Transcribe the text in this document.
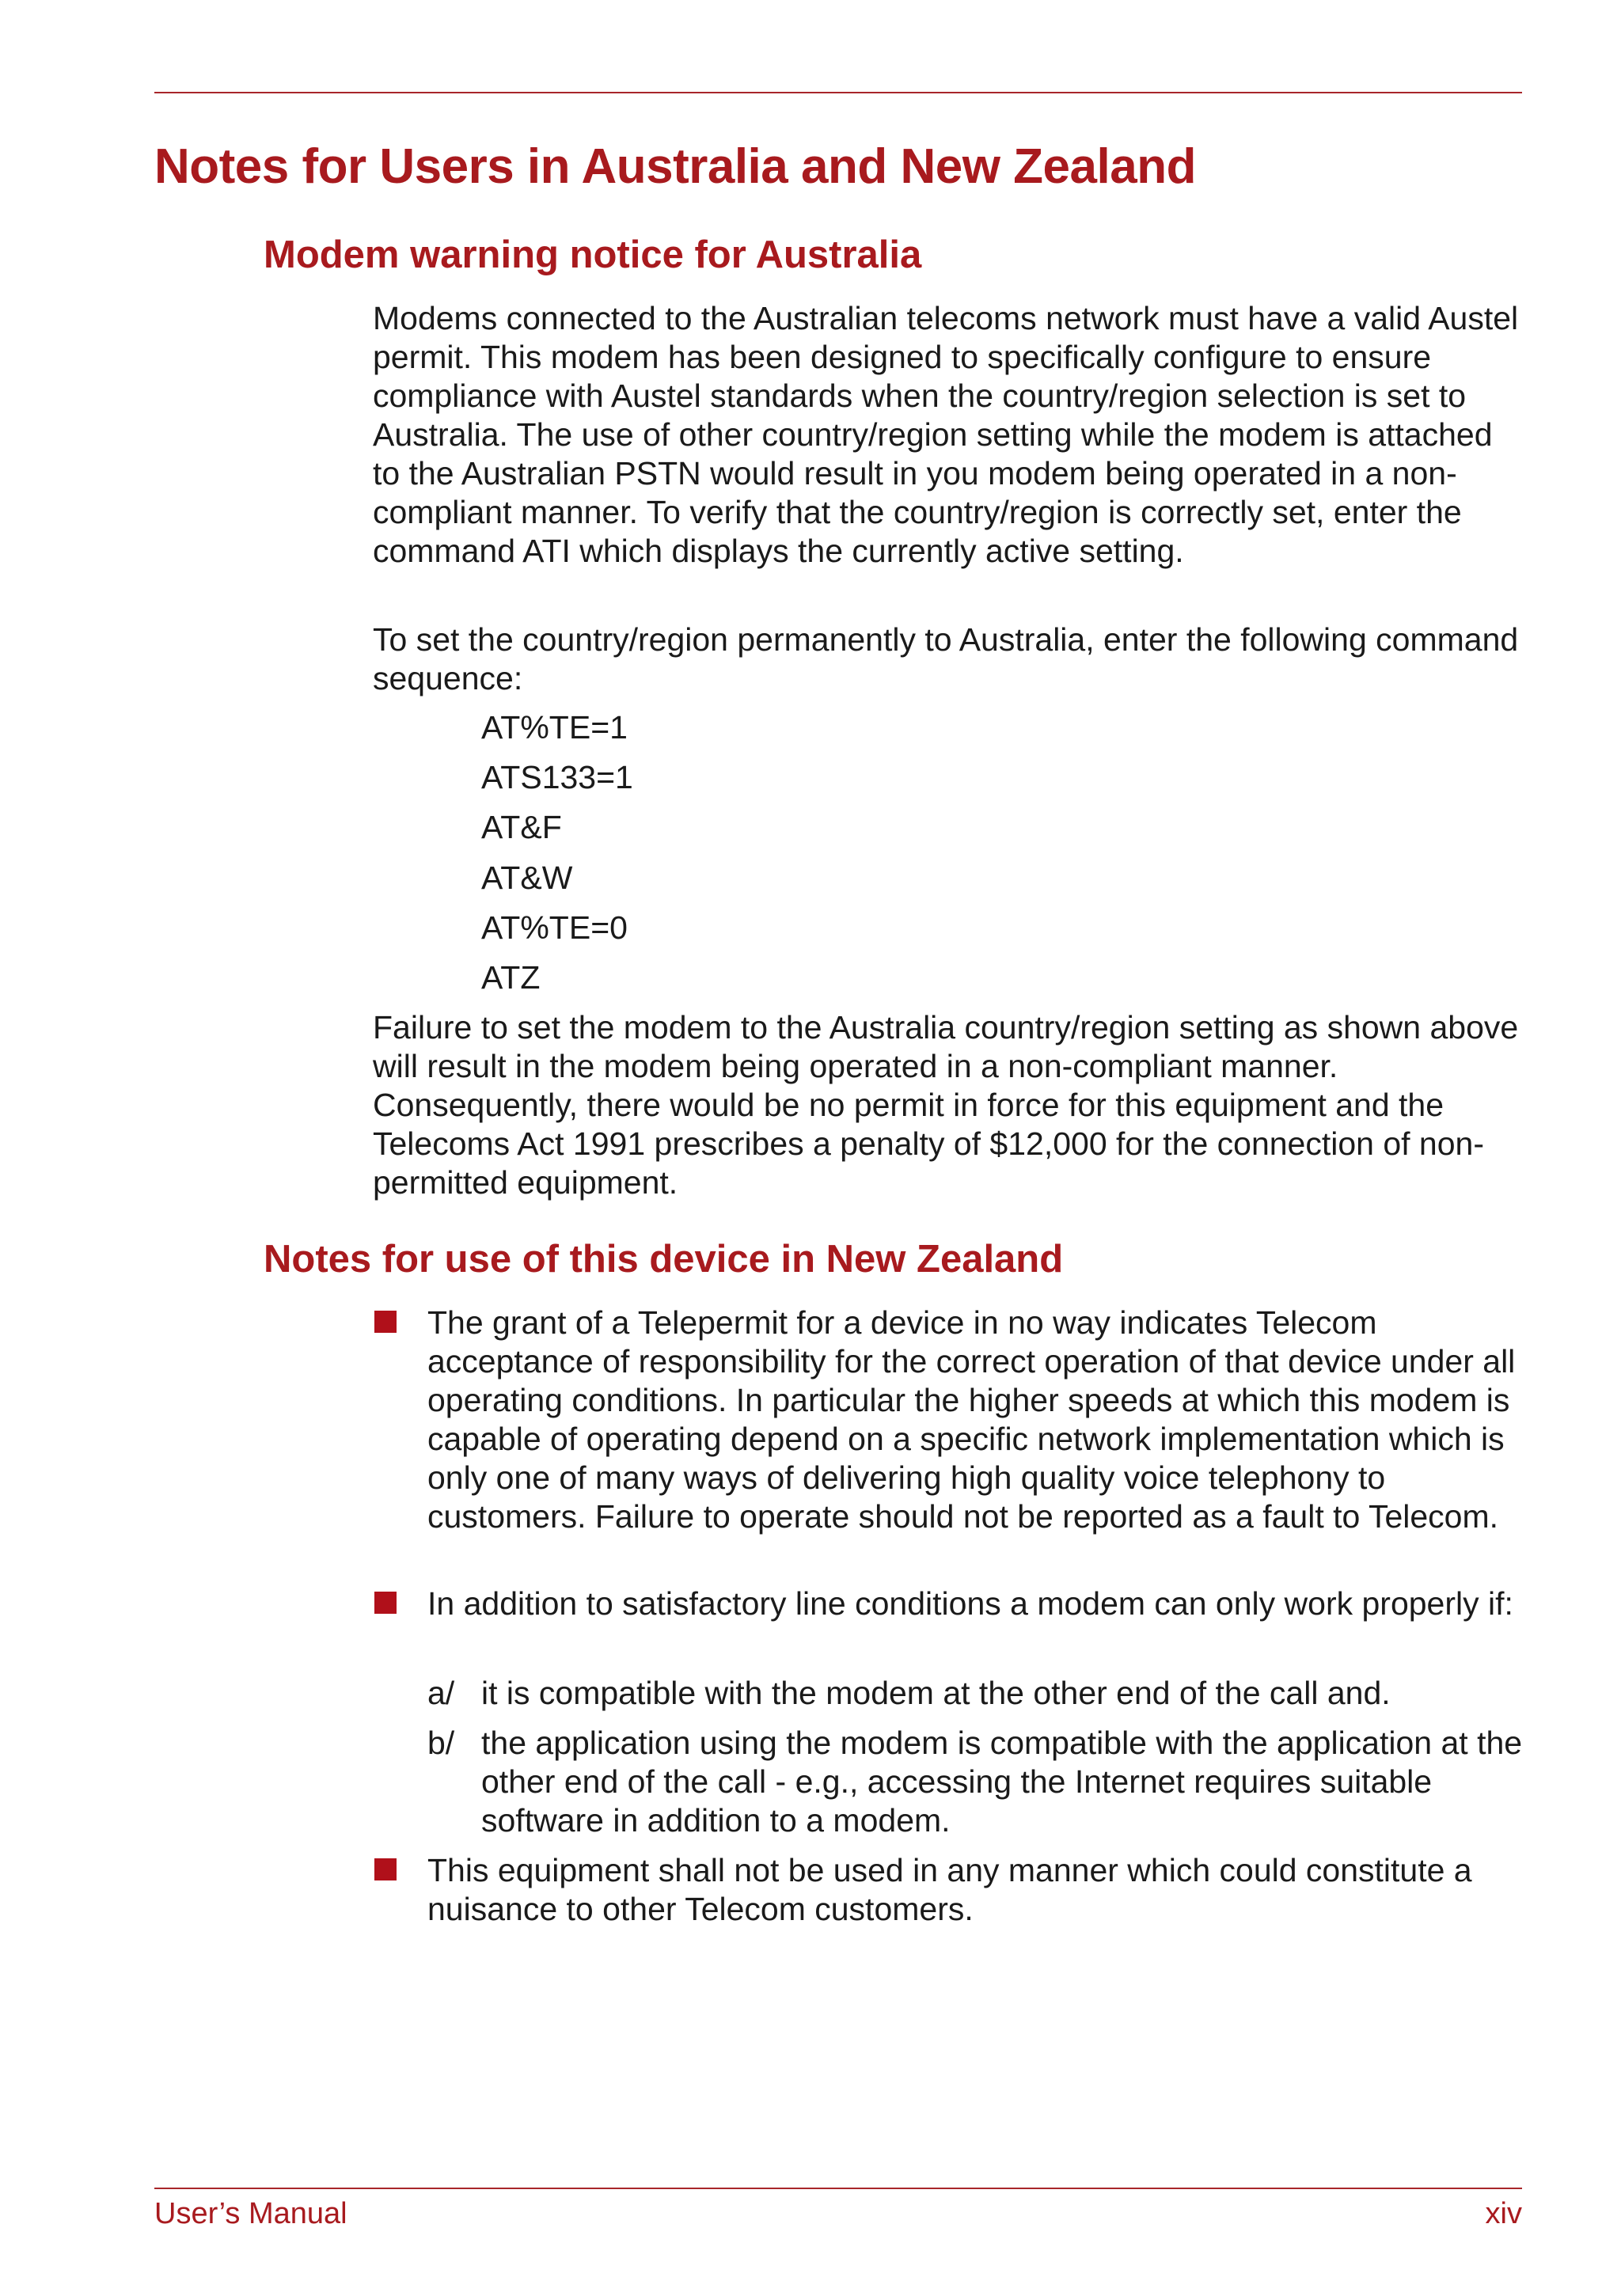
Notes for Users in Australia and New Zealand
Modem warning notice for Australia

Modems connected to the Australian telecoms network must have a valid Austel permit. This modem has been designed to specifically configure to ensure compliance with Austel standards when the country/region selection is set to Australia. The use of other country/region setting while the modem is attached to the Australian PSTN would result in you modem being operated in a non-compliant manner. To verify that the country/region is correctly set, enter the command ATI which displays the currently active setting.

To set the country/region permanently to Australia, enter the following command sequence:

AT%TE=1
ATS133=1
AT&F
AT&W
AT%TE=0
ATZ

Failure to set the modem to the Australia country/region setting as shown above will result in the modem being operated in a non-compliant manner. Consequently, there would be no permit in force for this equipment and the Telecoms Act 1991 prescribes a penalty of $12,000 for the connection of non-permitted equipment.

Notes for use of this device in New Zealand

The grant of a Telepermit for a device in no way indicates Telecom acceptance of responsibility for the correct operation of that device under all operating conditions. In particular the higher speeds at which this modem is capable of operating depend on a specific network implementation which is only one of many ways of delivering high quality voice telephony to customers. Failure to operate should not be reported as a fault to Telecom.

In addition to satisfactory line conditions a modem can only work properly if:

a/ it is compatible with the modem at the other end of the call and.

b/ the application using the modem is compatible with the application at the other end of the call - e.g., accessing the Internet requires suitable software in addition to a modem.

This equipment shall not be used in any manner which could constitute a nuisance to other Telecom customers.

User’s Manual	xiv
